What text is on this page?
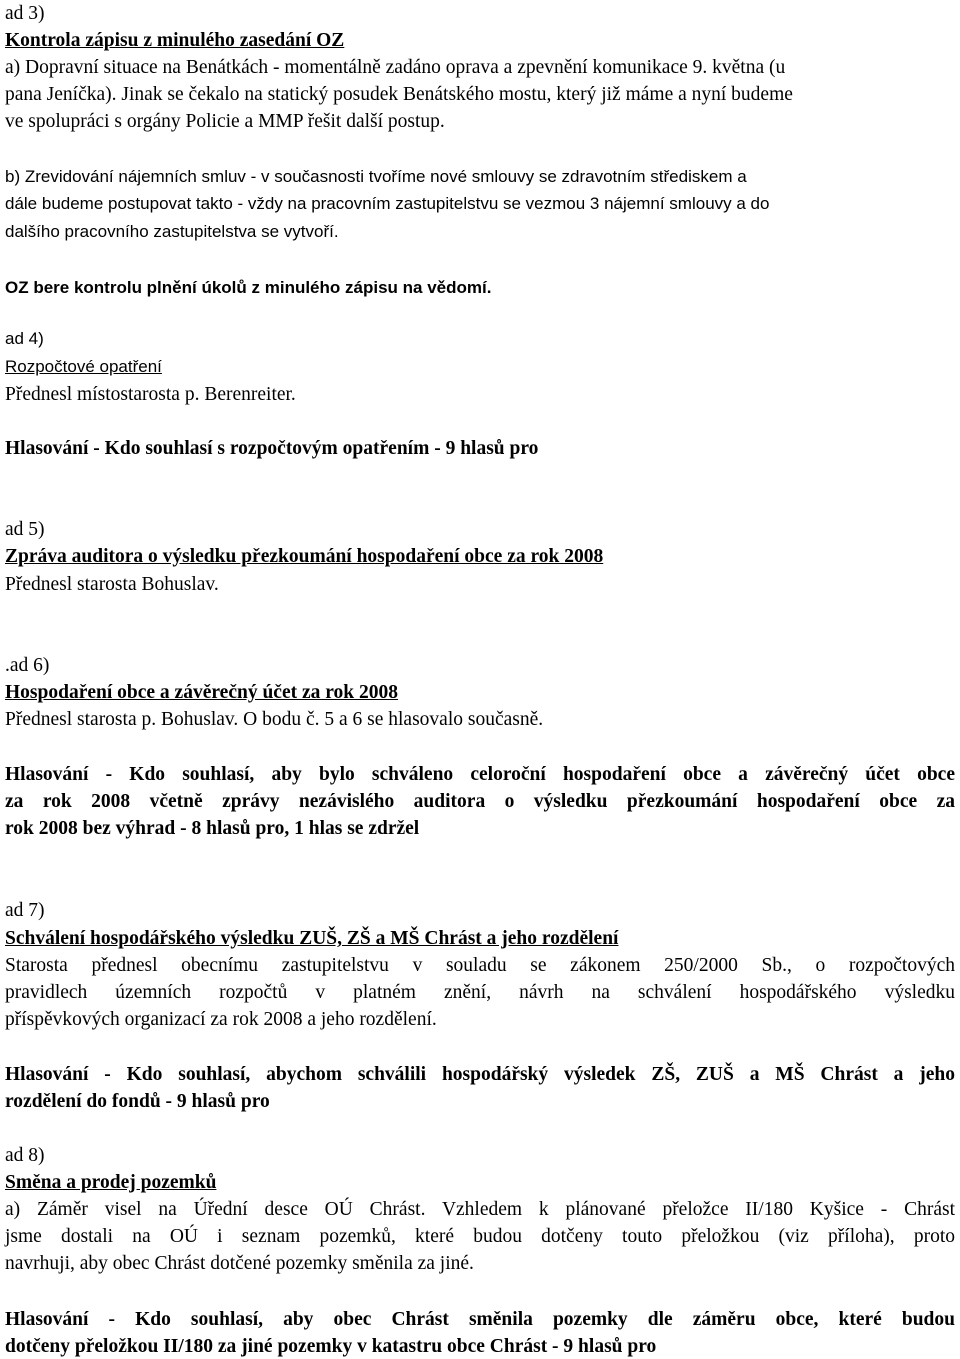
ad 3)
Kontrola zápisu z minulého zasedání OZ
a) Dopravní situace na Benátkách - momentálně zadáno oprava a zpevnění komunikace 9. května (u
pana Jeníčka). Jinak se čekalo na statický posudek Benátského mostu, který již máme a nyní budeme
ve spolupráci s orgány Policie a MMP řešit další postup.
b) Zrevidování nájemních smluv - v současnosti tvoříme nové smlouvy se zdravotním střediskem a
dále budeme postupovat takto - vždy na pracovním zastupitelstvu se vezmou 3 nájemní smlouvy a do
dalšího pracovního zastupitelstva se vytvoří.
OZ bere kontrolu plnění úkolů z minulého zápisu na vědomí.
ad 4)
Rozpočtové opatření
Přednesl místostarosta p. Berenreiter.
Hlasování - Kdo souhlasí s rozpočtovým opatřením - 9 hlasů pro
ad 5)
Zpráva auditora o výsledku přezkoumání hospodaření obce za rok 2008
Přednesl starosta Bohuslav.
.ad 6)
Hospodaření obce a závěrečný účet za rok 2008
Přednesl starosta p. Bohuslav. O bodu č. 5 a 6 se hlasovalo současně.
Hlasování - Kdo souhlasí, aby bylo schváleno celoroční hospodaření obce a závěrečný účet obce
za rok 2008 včetně zprávy nezávislého auditora o výsledku přezkoumání hospodaření obce za
rok 2008 bez výhrad - 8 hlasů pro, 1 hlas se zdržel
ad 7)
Schválení hospodářského výsledku ZUŠ, ZŠ a MŠ Chrást a jeho rozdělení
Starosta přednesl obecnímu zastupitelstvu v souladu se zákonem 250/2000 Sb., o rozpočtových
pravidlech územních rozpočtů v platném znění, návrh na schválení hospodářského výsledku
příspěvkových organizací za rok 2008 a jeho rozdělení.
Hlasování - Kdo souhlasí, abychom schválili hospodářský výsledek ZŠ, ZUŠ a MŠ Chrást a jeho
rozdělení do fondů - 9 hlasů pro
ad 8)
Směna a prodej pozemků
a) Záměr visel na Úřední desce OÚ Chrást. Vzhledem k plánované přeložce II/180 Kyšice - Chrást
jsme dostali na OÚ i seznam pozemků, které budou dotčeny touto přeložkou (viz příloha), proto
navrhuji, aby obec Chrást dotčené pozemky směnila za jiné.
Hlasování - Kdo souhlasí, aby obec Chrást směnila pozemky dle záměru obce, které budou
dotčeny přeložkou II/180 za jiné pozemky v katastru obce Chrást - 9 hlasů pro
